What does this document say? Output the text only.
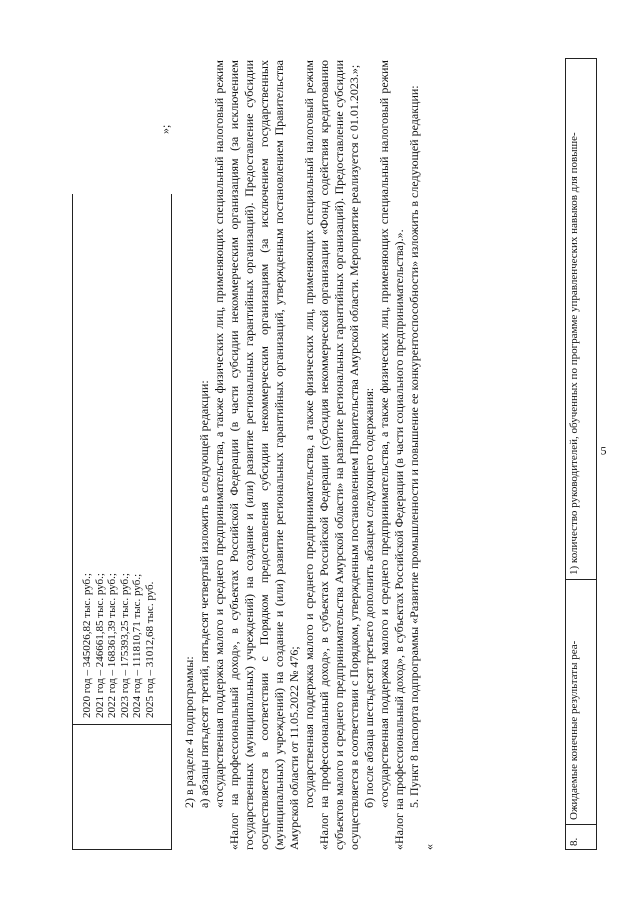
5
2020 год – 345026,82 тыс. руб.; 2021 год – 246661,85 тыс. руб.; 2022 год – 168361,39 тыс. руб.; 2023 год – 175393,25 тыс. руб.; 2024 год – 111810,71 тыс. руб.; 2025 год – 31012,68 тыс. руб.
»;

2) в разделе 4 подпрограммы: а) абзацы пятьдесят третий, пятьдесят четвертый изложить в следующей редакции: «государственная поддержка малого и среднего предпринимательства, а также физических лиц, применяющих специальный налоговый режим «Налог на профессиональный доход», в субъектах Российской Федерации (в части субсидии некоммерческим организациям (за исключением государственных (муниципальных) учреждений) на создание и (или) развитие региональных гарантийных организаций). Предоставление субсидии осуществляется в соответствии с Порядком предоставления субсидии некоммерческим организациям (за исключением государственных (муниципальных) учреждений) на создание и (или) развитие региональных гарантийных организаций, утвержденным постановлением Правительства Амурской области от 11.05.2022 № 476; государственная поддержка малого и среднего предпринимательства, а также физических лиц, применяющих специальный налоговый режим «Налог на профессиональный доход», в субъектах Российской Федерации (субсидия некоммерческой организации «Фонд содействия кредитованию субъектов малого и среднего предпринимательства Амурской области» на развитие региональных гарантийных организаций). Предоставление субсидии осуществляется в соответствии с Порядком, утвержденным постановлением Правительства Амурской области. Мероприятие реализуется с 01.01.2023.»; б) после абзаца шестьдесят третьего дополнить абзацем следующего содержания: «государственная поддержка малого и среднего предпринимательства, а также физических лиц, применяющих специальный налоговый режим «Налог на профессиональный доход», в субъектах Российской Федерации (в части социального предпринимательства).». 5. Пункт 8 паспорта подпрограммы «Развитие промышленности и повышение ее конкурентоспособности» изложить в следующей редакции:

«

8.
Ожидаемые конечные результаты реа-
1) количество руководителей, обученных по программе управленческих навыков для повыше-
